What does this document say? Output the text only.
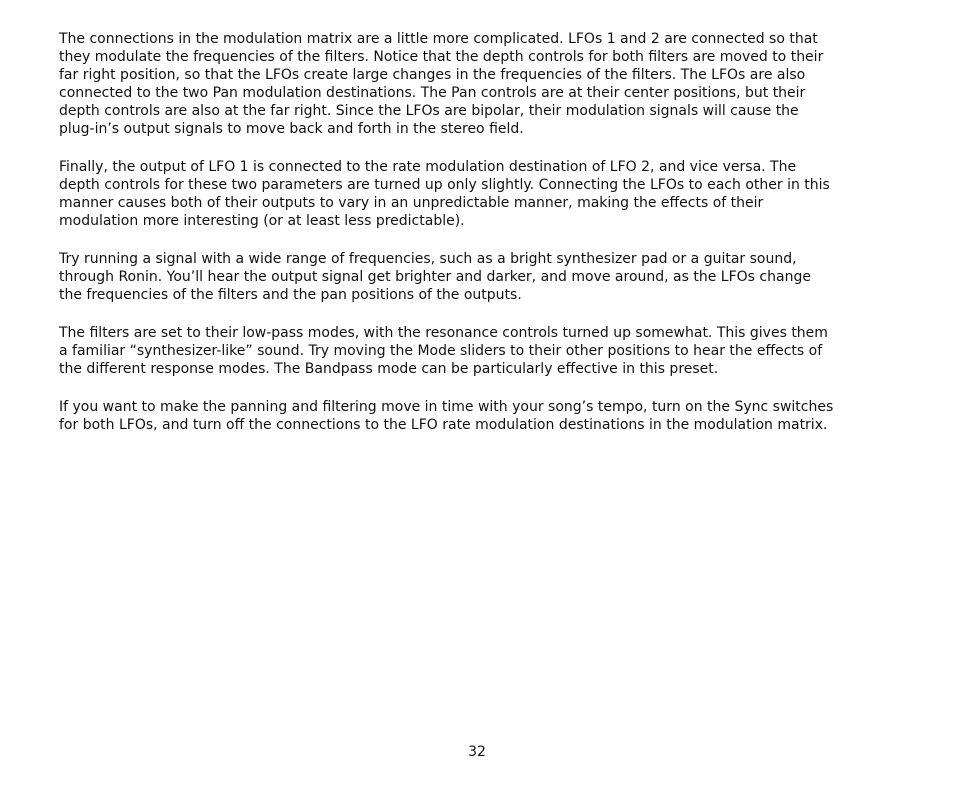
The connections in the modulation matrix are a little more complicated. LFOs 1 and 2 are connected so that
they modulate the frequencies of the filters. Notice that the depth controls for both filters are moved to their
far right position, so that the LFOs create large changes in the frequencies of the filters. The LFOs are also
connected to the two Pan modulation destinations. The Pan controls are at their center positions, but their
depth controls are also at the far right. Since the LFOs are bipolar, their modulation signals will cause the
plug-in’s output signals to move back and forth in the stereo field.

Finally, the output of LFO 1 is connected to the rate modulation destination of LFO 2, and vice versa. The
depth controls for these two parameters are turned up only slightly. Connecting the LFOs to each other in this
manner causes both of their outputs to vary in an unpredictable manner, making the effects of their
modulation more interesting (or at least less predictable).

Try running a signal with a wide range of frequencies, such as a bright synthesizer pad or a guitar sound,
through Ronin. You’ll hear the output signal get brighter and darker, and move around, as the LFOs change
the frequencies of the filters and the pan positions of the outputs.

The filters are set to their low-pass modes, with the resonance controls turned up somewhat. This gives them
a familiar “synthesizer-like” sound. Try moving the Mode sliders to their other positions to hear the effects of
the different response modes. The Bandpass mode can be particularly effective in this preset.

If you want to make the panning and filtering move in time with your song’s tempo, turn on the Sync switches
for both LFOs, and turn off the connections to the LFO rate modulation destinations in the modulation matrix.

32
